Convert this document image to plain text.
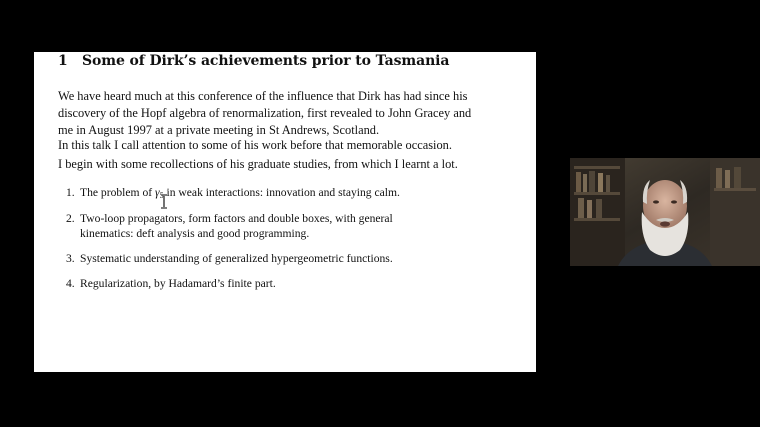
1 Some of Dirk’s achievements prior to Tasmania
We have heard much at this conference of the influence that Dirk has had since his
discovery of the Hopf algebra of renormalization, first revealed to John Gracey and
me in August 1997 at a private meeting in St Andrews, Scotland.
In this talk I call attention to some of his work before that memorable occasion.
I begin with some recollections of his graduate studies, from which I learnt a lot.
1. The problem of $\gamma_5$ in weak interactions: innovation and staying calm.
2. Two-loop propagators, form factors and double boxes, with general
kinematics: deft analysis and good programming.
3. Systematic understanding of generalized hypergeometric functions.
4. Regularization, by Hadamard’s finite part.
